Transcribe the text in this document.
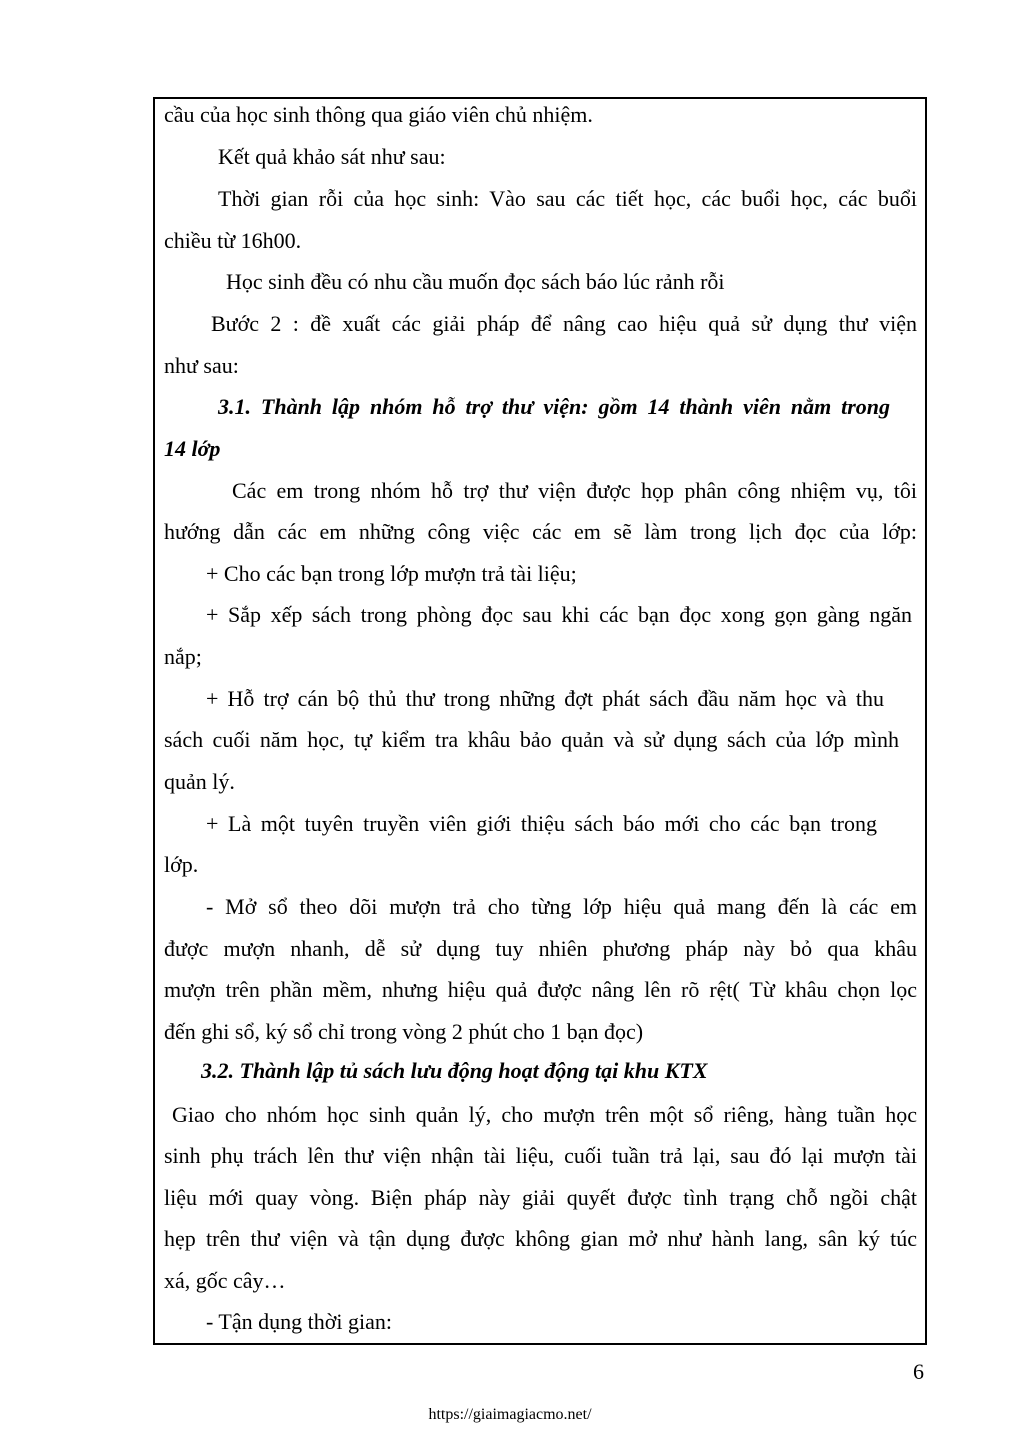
cầu của học sinh thông qua giáo viên chủ nhiệm.
Kết quả khảo sát như sau:
Thời gian rỗi của học sinh: Vào sau các tiết học, các buổi học, các buổi
chiều từ 16h00.
Học sinh đều có nhu cầu muốn đọc sách báo lúc rảnh rỗi
Bước 2 : đề xuất các giải pháp để nâng cao hiệu quả sử dụng thư viện
như sau:
3.1. Thành lập nhóm hỗ trợ thư viện: gồm 14 thành viên nằm trong
14 lớp
Các em trong nhóm hỗ trợ thư viện được họp phân công nhiệm vụ, tôi
hướng dẫn các em những công việc các em sẽ làm trong lịch đọc của lớp:
+ Cho các bạn trong lớp mượn trả tài liệu;
+ Sắp xếp sách trong phòng đọc sau khi các bạn đọc xong gọn gàng ngăn
nắp;
+ Hỗ trợ cán bộ thủ thư trong những đợt phát sách đầu năm học và thu
sách cuối năm học, tự kiểm tra khâu bảo quản và sử dụng sách của lớp mình
quản lý.
+ Là một tuyên truyền viên giới thiệu sách báo mới cho các bạn trong
lớp.
- Mở sổ theo dõi mượn trả cho từng lớp hiệu quả mang đến là các em
được mượn nhanh, dễ sử dụng tuy nhiên phương pháp này bỏ qua khâu
mượn trên phần mềm, nhưng hiệu quả được nâng lên rõ rệt( Từ khâu chọn lọc
đến ghi sổ, ký sổ chỉ trong vòng 2 phút cho 1 bạn đọc)
3.2. Thành lập tủ sách lưu động hoạt động tại khu KTX
Giao cho nhóm học sinh quản lý, cho mượn trên một sổ riêng, hàng tuần học
sinh phụ trách lên thư viện nhận tài liệu, cuối tuần trả lại, sau đó lại mượn tài
liệu mới quay vòng. Biện pháp này giải quyết được tình trạng chỗ ngồi chật
hẹp trên thư viện và tận dụng được không gian mở như hành lang, sân ký túc
xá, gốc cây…
- Tận dụng thời gian:
6
https://giaimagiacmo.net/
